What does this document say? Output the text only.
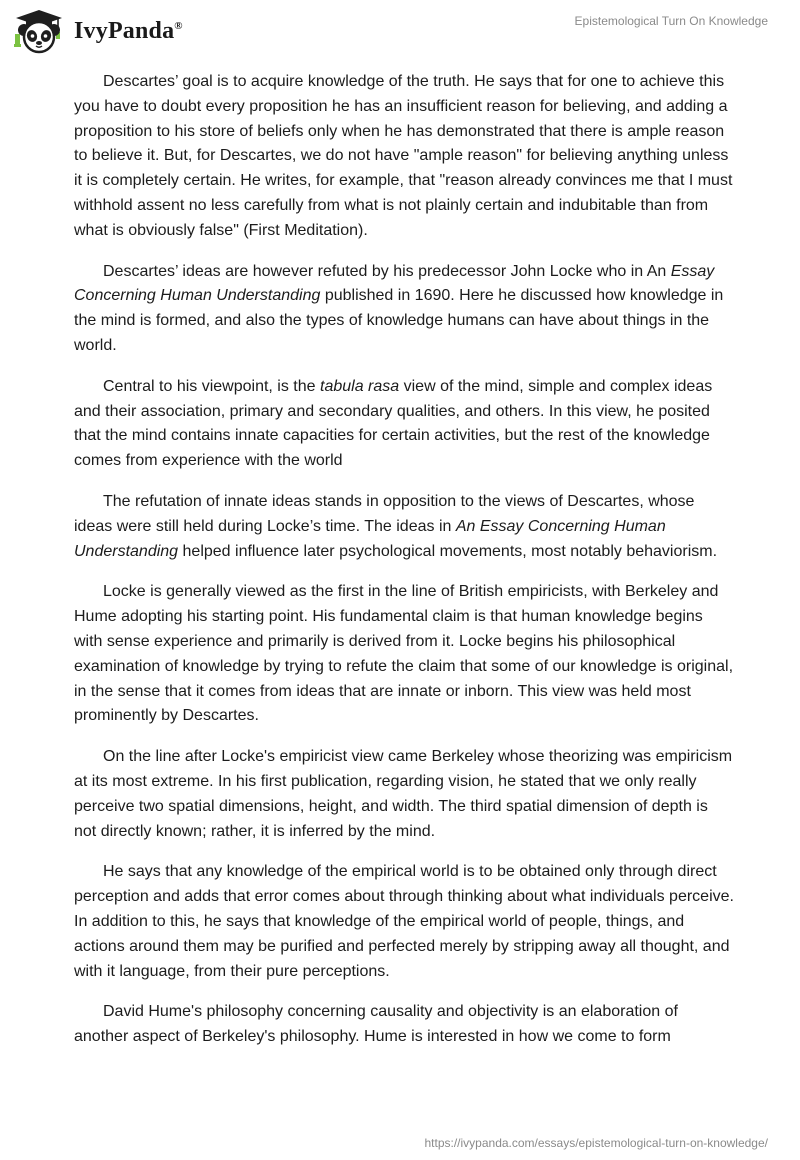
IvyPanda®	Epistemological Turn On Knowledge

Descartes’ goal is to acquire knowledge of the truth. He says that for one to achieve this you have to doubt every proposition he has an insufficient reason for believing, and adding a proposition to his store of beliefs only when he has demonstrated that there is ample reason to believe it. But, for Descartes, we do not have "ample reason" for believing anything unless it is completely certain. He writes, for example, that "reason already convinces me that I must withhold assent no less carefully from what is not plainly certain and indubitable than from what is obviously false" (First Meditation).

Descartes’ ideas are however refuted by his predecessor John Locke who in An Essay Concerning Human Understanding published in 1690. Here he discussed how knowledge in the mind is formed, and also the types of knowledge humans can have about things in the world.

Central to his viewpoint, is the tabula rasa view of the mind, simple and complex ideas and their association, primary and secondary qualities, and others. In this view, he posited that the mind contains innate capacities for certain activities, but the rest of the knowledge comes from experience with the world

The refutation of innate ideas stands in opposition to the views of Descartes, whose ideas were still held during Locke’s time. The ideas in An Essay Concerning Human Understanding helped influence later psychological movements, most notably behaviorism.

Locke is generally viewed as the first in the line of British empiricists, with Berkeley and Hume adopting his starting point. His fundamental claim is that human knowledge begins with sense experience and primarily is derived from it. Locke begins his philosophical examination of knowledge by trying to refute the claim that some of our knowledge is original, in the sense that it comes from ideas that are innate or inborn. This view was held most prominently by Descartes.

On the line after Locke's empiricist view came Berkeley whose theorizing was empiricism at its most extreme. In his first publication, regarding vision, he stated that we only really perceive two spatial dimensions, height, and width. The third spatial dimension of depth is not directly known; rather, it is inferred by the mind.

He says that any knowledge of the empirical world is to be obtained only through direct perception and adds that error comes about through thinking about what individuals perceive. In addition to this, he says that knowledge of the empirical world of people, things, and actions around them may be purified and perfected merely by stripping away all thought, and with it language, from their pure perceptions.

David Hume's philosophy concerning causality and objectivity is an elaboration of another aspect of Berkeley's philosophy. Hume is interested in how we come to form

https://ivypanda.com/essays/epistemological-turn-on-knowledge/
